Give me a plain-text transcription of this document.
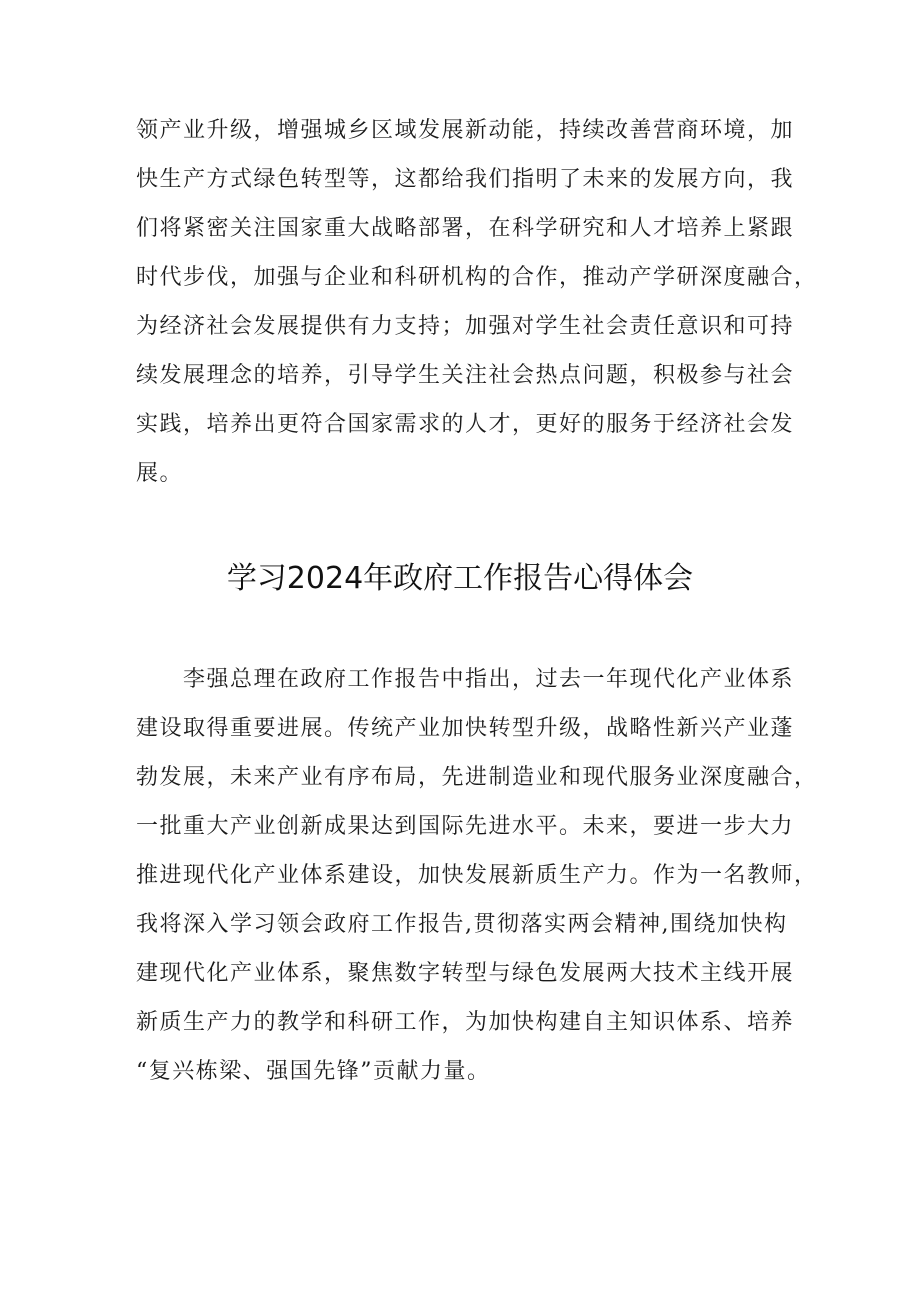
领产业升级，增强城乡区域发展新动能，持续改善营商环境，加
快生产方式绿色转型等，这都给我们指明了未来的发展方向，我
们将紧密关注国家重大战略部署，在科学研究和人才培养上紧跟
时代步伐，加强与企业和科研机构的合作，推动产学研深度融合，
为经济社会发展提供有力支持；加强对学生社会责任意识和可持
续发展理念的培养，引导学生关注社会热点问题，积极参与社会
实践，培养出更符合国家需求的人才，更好的服务于经济社会发
展。
学习2024年政府工作报告心得体会
　　李强总理在政府工作报告中指出，过去一年现代化产业体系
建设取得重要进展。传统产业加快转型升级，战略性新兴产业蓬
勃发展，未来产业有序布局，先进制造业和现代服务业深度融合，
一批重大产业创新成果达到国际先进水平。未来，要进一步大力
推进现代化产业体系建设，加快发展新质生产力。作为一名教师，
我将深入学习领会政府工作报告,贯彻落实两会精神,围绕加快构
建现代化产业体系，聚焦数字转型与绿色发展两大技术主线开展
新质生产力的教学和科研工作，为加快构建自主知识体系、培养
“复兴栋梁、强国先锋”贡献力量。
